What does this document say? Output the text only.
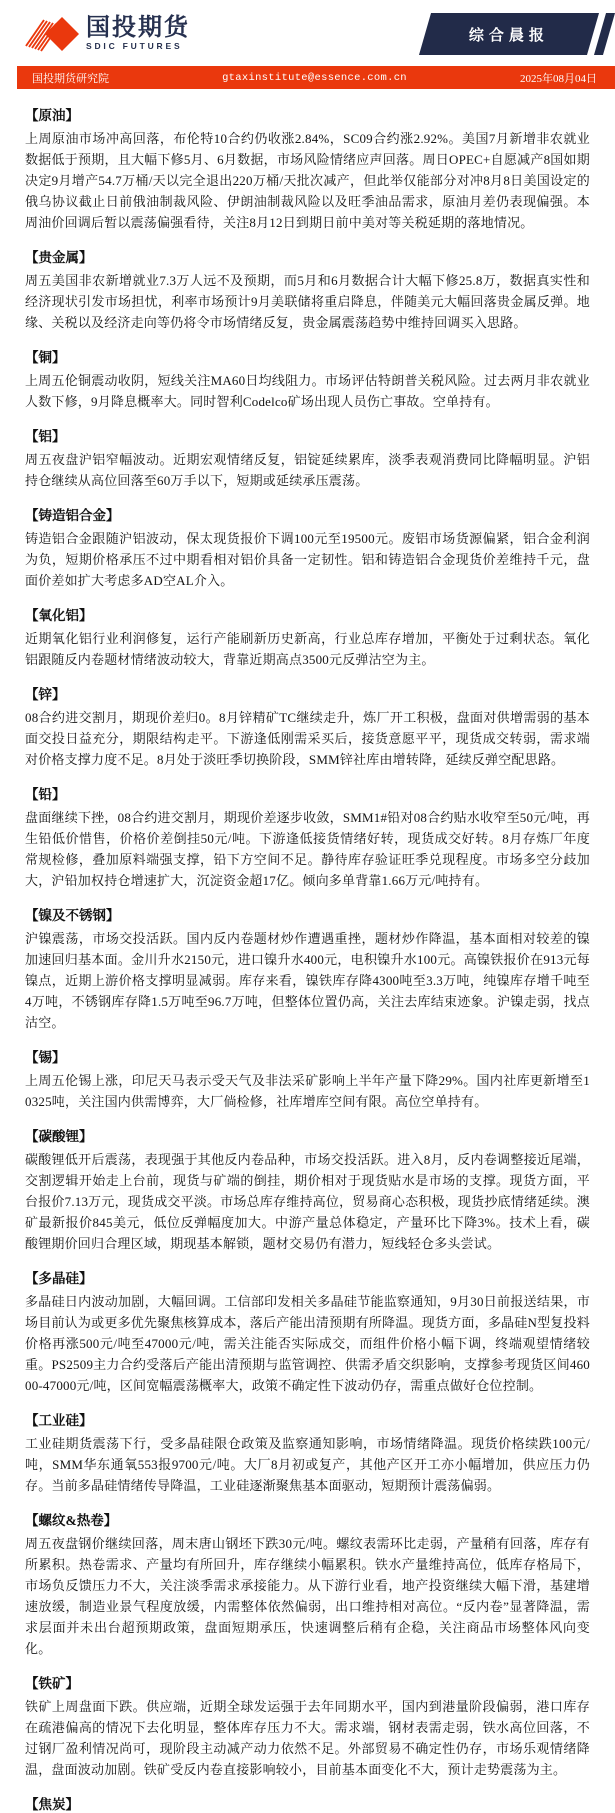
国投期货
SDIC FUTURES
综合晨报
国投期货研究院	gtaxinstitute@essence.com.cn	2025年08月04日
【原油】

上周原油市场冲高回落，布伦特10合约仍收涨2.84%，SC09合约涨2.92%。美国7月新增非农就业数据低于预期，且大幅下修5月、6月数据，市场风险情绪应声回落。周日OPEC+自愿减产8国如期决定9月增产54.7万桶/天以完全退出220万桶/天批次减产，但此举仅能部分对冲8月8日美国设定的俄乌协议截止日前俄油制裁风险、伊朗油制裁风险以及旺季油品需求，原油月差仍表现偏强。本周油价回调后暂以震荡偏强看待，关注8月12日到期日前中美对等关税延期的落地情况。

【贵金属】

周五美国非农新增就业7.3万人远不及预期，而5月和6月数据合计大幅下修25.8万，数据真实性和经济现状引发市场担忧，利率市场预计9月美联储将重启降息，伴随美元大幅回落贵金属反弹。地缘、关税以及经济走向等仍将令市场情绪反复，贵金属震荡趋势中维持回调买入思路。

【铜】

上周五伦铜震动收阴，短线关注MA60日均线阻力。市场评估特朗普关税风险。过去两月非农就业人数下修，9月降息概率大。同时智利Codelco矿场出现人员伤亡事故。空单持有。

【铝】

周五夜盘沪铝窄幅波动。近期宏观情绪反复，铝锭延续累库，淡季表观消费同比降幅明显。沪铝持仓继续从高位回落至60万手以下，短期或延续承压震荡。

【铸造铝合金】

铸造铝合金跟随沪铝波动，保太现货报价下调100元至19500元。废铝市场货源偏紧，铝合金利润为负，短期价格承压不过中期看相对铝价具备一定韧性。铝和铸造铝合金现货价差维持千元，盘面价差如扩大考虑多AD空AL介入。

【氧化铝】

近期氧化铝行业利润修复，运行产能刷新历史新高，行业总库存增加，平衡处于过剩状态。氧化铝跟随反内卷题材情绪波动较大，背靠近期高点3500元反弹沽空为主。

【锌】

08合约进交割月，期现价差归0。8月锌精矿TC继续走升，炼厂开工积极，盘面对供增需弱的基本面交投日益充分，期限结构走平。下游逢低刚需采买后，接货意愿平平，现货成交转弱，需求端对价格支撑力度不足。8月处于淡旺季切换阶段，SMM锌社库由增转降，延续反弹空配思路。

【铅】

盘面继续下挫，08合约进交割月，期现价差逐步收敛，SMM1#铅对08合约贴水收窄至50元/吨，再生铅低价惜售，价格价差倒挂50元/吨。下游逢低接货情绪好转，现货成交好转。8月存炼厂年度常规检修，叠加原料端强支撑，铅下方空间不足。静待库存验证旺季兑现程度。市场多空分歧加大，沪铅加权持仓增速扩大，沉淀资金超17亿。倾向多单背靠1.66万元/吨持有。

【镍及不锈钢】

沪镍震荡，市场交投活跃。国内反内卷题材炒作遭遇重挫，题材炒作降温，基本面相对较差的镍加速回归基本面。金川升水2150元，进口镍升水400元，电积镍升水100元。高镍铁报价在913元每镍点，近期上游价格支撑明显减弱。库存来看，镍铁库存降4300吨至3.3万吨，纯镍库存增千吨至4万吨，不锈钢库存降1.5万吨至96.7万吨，但整体位置仍高，关注去库结束迹象。沪镍走弱，找点沽空。

【锡】

上周五伦锡上涨，印尼天马表示受天气及非法采矿影响上半年产量下降29%。国内社库更新增至10325吨，关注国内供需博弈，大厂倘检修，社库增库空间有限。高位空单持有。

【碳酸锂】

碳酸锂低开后震荡，表现强于其他反内卷品种，市场交投活跃。进入8月，反内卷调整接近尾端，交割逻辑开始走上台前，现货与矿端的倒挂，期价相对于现货贴水是市场的支撑。现货方面，平台报价7.13万元，现货成交平淡。市场总库存维持高位，贸易商心态积极，现货抄底情绪延续。澳矿最新报价845美元，低位反弹幅度加大。中游产量总体稳定，产量环比下降3%。技术上看，碳酸锂期价回归合理区域，期现基本解锁，题材交易仍有潜力，短线轻仓多头尝试。

【多晶硅】

多晶硅日内波动加剧，大幅回调。工信部印发相关多晶硅节能监察通知，9月30日前报送结果，市场目前认为或更多优先聚焦核算成本，落后产能出清预期有所降温。现货方面，多晶硅N型复投料价格再涨500元/吨至47000元/吨，需关注能否实际成交，而组件价格小幅下调，终端观望情绪较重。PS2509主力合约受落后产能出清预期与监管调控、供需矛盾交织影响，支撑参考现货区间46000-47000元/吨，区间宽幅震荡概率大，政策不确定性下波动仍存，需重点做好仓位控制。

【工业硅】

工业硅期货震荡下行，受多晶硅限仓政策及监察通知影响，市场情绪降温。现货价格续跌100元/吨，SMM华东通氧553报9700元/吨。大厂8月初或复产，其他产区开工亦小幅增加，供应压力仍存。当前多晶硅情绪传导降温，工业硅逐渐聚焦基本面驱动，短期预计震荡偏弱。

【螺纹&热卷】

周五夜盘钢价继续回落，周末唐山钢坯下跌30元/吨。螺纹表需环比走弱，产量稍有回落，库存有所累积。热卷需求、产量均有所回升，库存继续小幅累积。铁水产量维持高位，低库存格局下，市场负反馈压力不大，关注淡季需求承接能力。从下游行业看，地产投资继续大幅下滑，基建增速放缓，制造业景气程度放缓，内需整体依然偏弱，出口维持相对高位。“反内卷”显著降温，需求层面并未出台超预期政策，盘面短期承压，快速调整后稍有企稳，关注商品市场整体风向变化。

【铁矿】

铁矿上周盘面下跌。供应端，近期全球发运强于去年同期水平，国内到港量阶段偏弱，港口库存在疏港偏高的情况下去化明显，整体库存压力不大。需求端，钢材表需走弱，铁水高位回落，不过钢厂盈利情况尚可，现阶段主动减产动力依然不足。外部贸易不确定性仍存，市场乐观情绪降温，盘面波动加剧。铁矿受反内卷直接影响较小，目前基本面变化不大，预计走势震荡为主。

【焦炭】
